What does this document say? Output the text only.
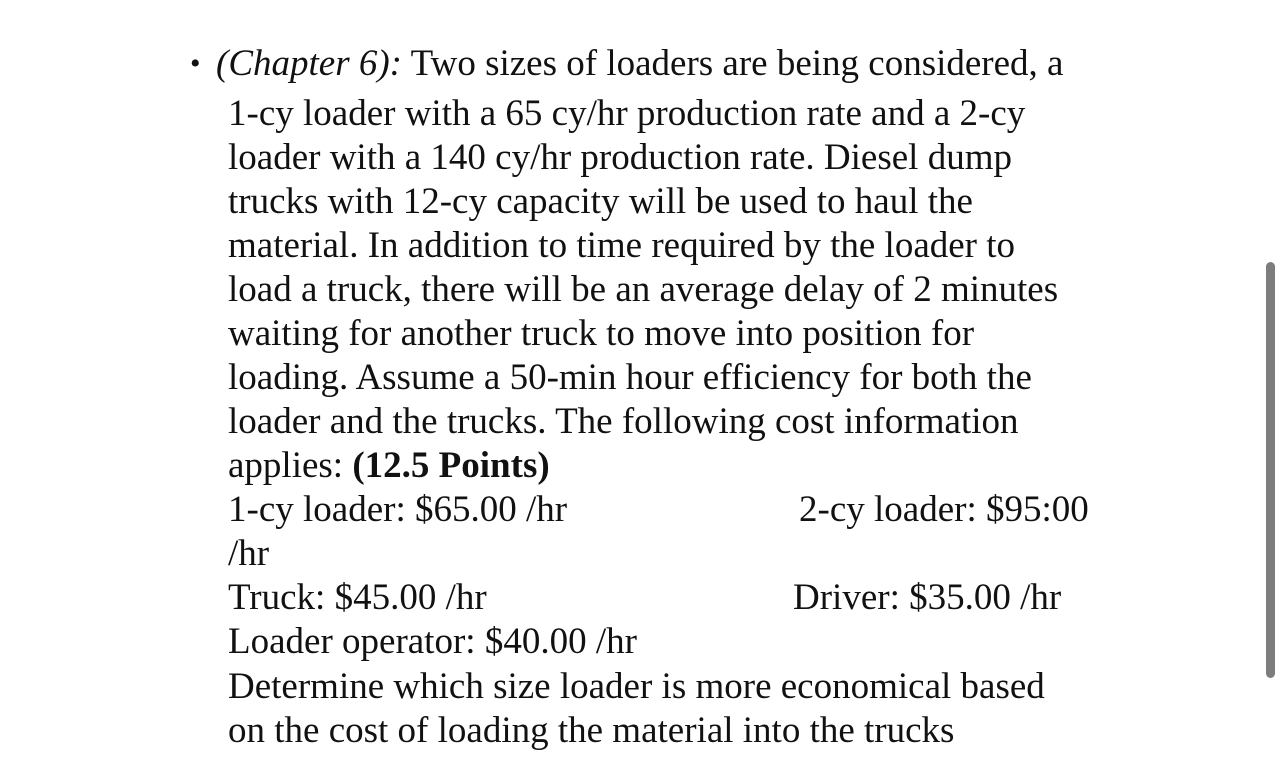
• (Chapter 6): Two sizes of loaders are being considered, a
1-cy loader with a 65 cy/hr production rate and a 2-cy
loader with a 140 cy/hr production rate. Diesel dump
trucks with 12-cy capacity will be used to haul the
material. In addition to time required by the loader to
load a truck, there will be an average delay of 2 minutes
waiting for another truck to move into position for
loading. Assume a 50-min hour efficiency for both the
loader and the trucks. The following cost information
applies: (12.5 Points)
1-cy loader: $65.00 /hr	2-cy loader: $95:00
/hr
Truck: $45.00 /hr	Driver: $35.00 /hr
Loader operator: $40.00 /hr
Determine which size loader is more economical based
on the cost of loading the material into the trucks
